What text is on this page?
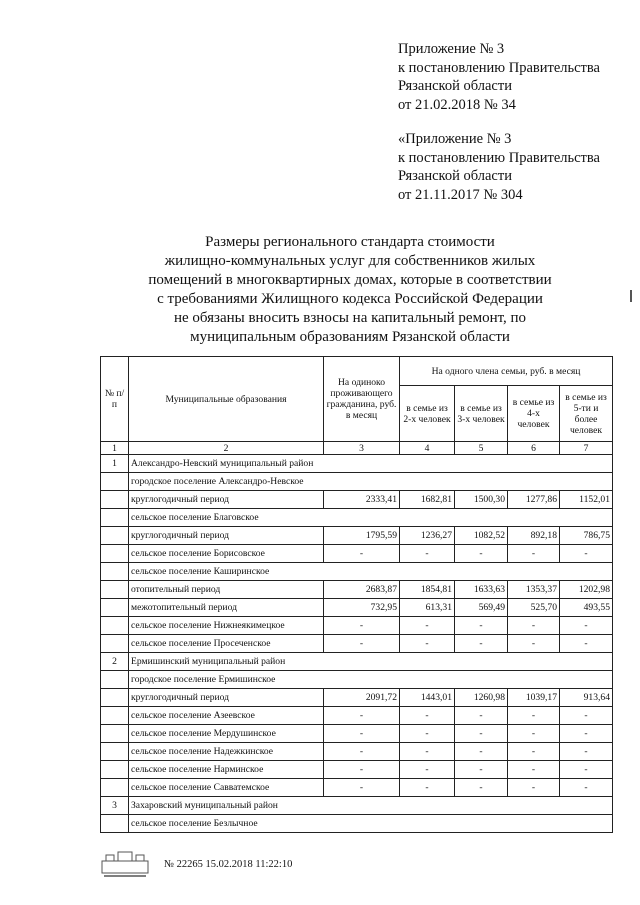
Приложение № 3
к постановлению Правительства
Рязанской области
от 21.02.2018 № 34
«Приложение № 3
к постановлению Правительства
Рязанской области
от 21.11.2017 № 304
Размеры регионального стандарта стоимости
жилищно-коммунальных услуг для собственников жилых
помещений в многоквартирных домах, которые в соответствии
с требованиями Жилищного кодекса Российской Федерации
не обязаны вносить взносы на капитальный ремонт, по
муниципальным образованиям Рязанской области
№ п/п	Муниципальные образования	На одиноко проживающего гражданина, руб. в месяц	На одного члена семьи, руб. в месяц			
			в семье из 2-х человек	в семье из 3-х человек	в семье из 4-х человек	в семье из 5-ти и более человек
1	2	3	4	5	6	7
1	Александро-Невский муниципальный район					
	городское поселение Александро-Невское					
	круглогодичный период	2333,41	1682,81	1500,30	1277,86	1152,01
	сельское поселение Благовское					
	круглогодичный период	1795,59	1236,27	1082,52	892,18	786,75
	сельское поселение Борисовское	-	-	-	-	-
	сельское поселение Каширинское					
	отопительный период	2683,87	1854,81	1633,63	1353,37	1202,98
	межотопительный период	732,95	613,31	569,49	525,70	493,55
	сельское поселение Нижнеякимецкое	-	-	-	-	-
	сельское поселение Просеченское	-	-	-	-	-
2	Ермишинский муниципальный район					
	городское поселение Ермишинское					
	круглогодичный период	2091,72	1443,01	1260,98	1039,17	913,64
	сельское поселение Азеевское	-	-	-	-	-
	сельское поселение Мердушинское	-	-	-	-	-
	сельское поселение Надежкинское	-	-	-	-	-
	сельское поселение Нарминское	-	-	-	-	-
	сельское поселение Савватемское	-	-	-	-	-
3	Захаровский муниципальный район					
	сельское поселение Безлычное					
№ 22265 15.02.2018 11:22:10
